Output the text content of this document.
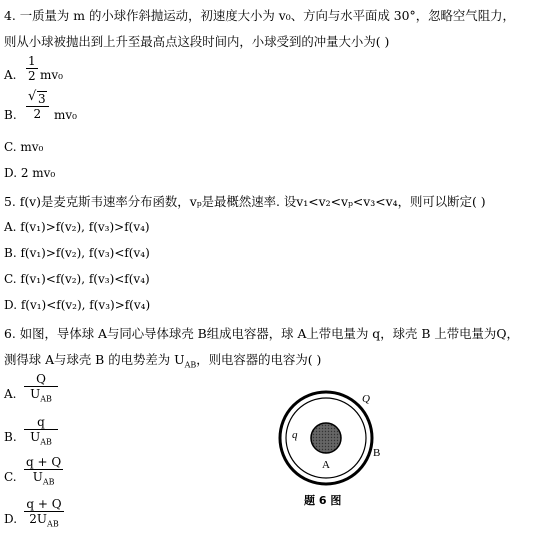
4. 一质量为 m 的小球作斜抛运动，初速度大小为 v₀、方向与水平面成 30°，忽略空气阻力，
则从小球被抛出到上升至最高点这段时间内，小球受到的冲量大小为( )
A.
1
2 mv₀
B.
√ 3
2	mv₀
C. mv₀
D. 2 mv₀
5. f(v)是麦克斯韦速率分布函数，vₚ是最概然速率. 设v₁<v₂<vₚ<v₃<v₄，则可以断定( )
A. f(v₁)>f(v₂), f(v₃)>f(v₄)
B. f(v₁)>f(v₂), f(v₃)<f(v₄)
C. f(v₁)<f(v₂), f(v₃)<f(v₄)
D. f(v₁)<f(v₂), f(v₃)>f(v₄)
6. 如图，导体球 A与同心导体球壳 B组成电容器，球 A上带电量为 q，球壳 B 上带电量为Q，
测得球 A与球壳 B 的电势差为 $U_{AB}$，则电容器的电容为( )
A.
Q
$U_{AB}$
B.
q
$U_{AB}$
C.
q + Q
$U_{AB}$
D.
q + Q
$2U_{AB}$
Q
q
A
B
题 6 图
